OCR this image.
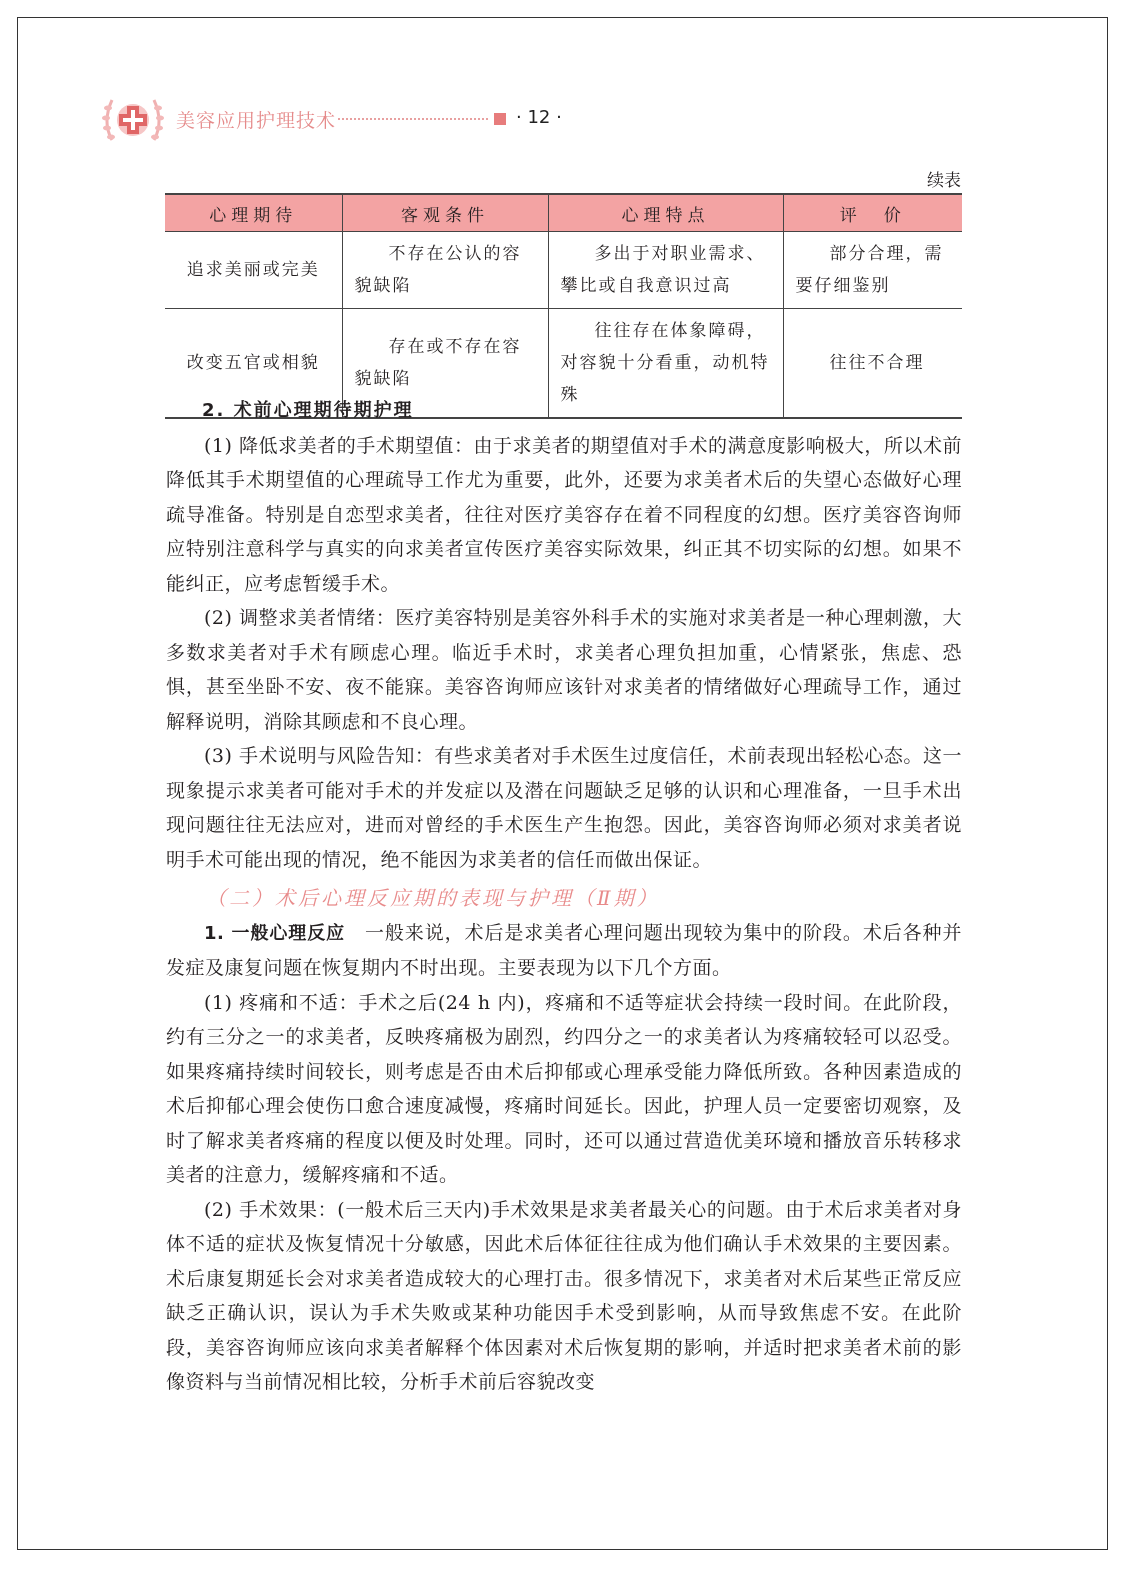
美容应用护理技术	· 12 ·
续表
心理期待	客观条件	心理特点	评　价
追求美丽或完美	不存在公认的容貌缺陷	多出于对职业需求、攀比或自我意识过高	部分合理，需要仔细鉴别
改变五官或相貌	存在或不存在容貌缺陷	往往存在体象障碍，对容貌十分看重，动机特殊	往往不合理

2. 术前心理期待期护理

(1) 降低求美者的手术期望值：由于求美者的期望值对手术的满意度影响极大，所以术前降低其手术期望值的心理疏导工作尤为重要，此外，还要为求美者术后的失望心态做好心理疏导准备。特别是自恋型求美者，往往对医疗美容存在着不同程度的幻想。医疗美容咨询师应特别注意科学与真实的向求美者宣传医疗美容实际效果，纠正其不切实际的幻想。如果不能纠正，应考虑暂缓手术。

(2) 调整求美者情绪：医疗美容特别是美容外科手术的实施对求美者是一种心理刺激，大多数求美者对手术有顾虑心理。临近手术时，求美者心理负担加重，心情紧张，焦虑、恐惧，甚至坐卧不安、夜不能寐。美容咨询师应该针对求美者的情绪做好心理疏导工作，通过解释说明，消除其顾虑和不良心理。

(3) 手术说明与风险告知：有些求美者对手术医生过度信任，术前表现出轻松心态。这一现象提示求美者可能对手术的并发症以及潜在问题缺乏足够的认识和心理准备，一旦手术出现问题往往无法应对，进而对曾经的手术医生产生抱怨。因此，美容咨询师必须对求美者说明手术可能出现的情况，绝不能因为求美者的信任而做出保证。

（二）术后心理反应期的表现与护理（Ⅱ期）

1. 一般心理反应　一般来说，术后是求美者心理问题出现较为集中的阶段。术后各种并发症及康复问题在恢复期内不时出现。主要表现为以下几个方面。

(1) 疼痛和不适：手术之后(24 h 内)，疼痛和不适等症状会持续一段时间。在此阶段，约有三分之一的求美者，反映疼痛极为剧烈，约四分之一的求美者认为疼痛较轻可以忍受。如果疼痛持续时间较长，则考虑是否由术后抑郁或心理承受能力降低所致。各种因素造成的术后抑郁心理会使伤口愈合速度减慢，疼痛时间延长。因此，护理人员一定要密切观察，及时了解求美者疼痛的程度以便及时处理。同时，还可以通过营造优美环境和播放音乐转移求美者的注意力，缓解疼痛和不适。

(2) 手术效果：(一般术后三天内)手术效果是求美者最关心的问题。由于术后求美者对身体不适的症状及恢复情况十分敏感，因此术后体征往往成为他们确认手术效果的主要因素。术后康复期延长会对求美者造成较大的心理打击。很多情况下，求美者对术后某些正常反应缺乏正确认识，误认为手术失败或某种功能因手术受到影响，从而导致焦虑不安。在此阶段，美容咨询师应该向求美者解释个体因素对术后恢复期的影响，并适时把求美者术前的影像资料与当前情况相比较，分析手术前后容貌改变
